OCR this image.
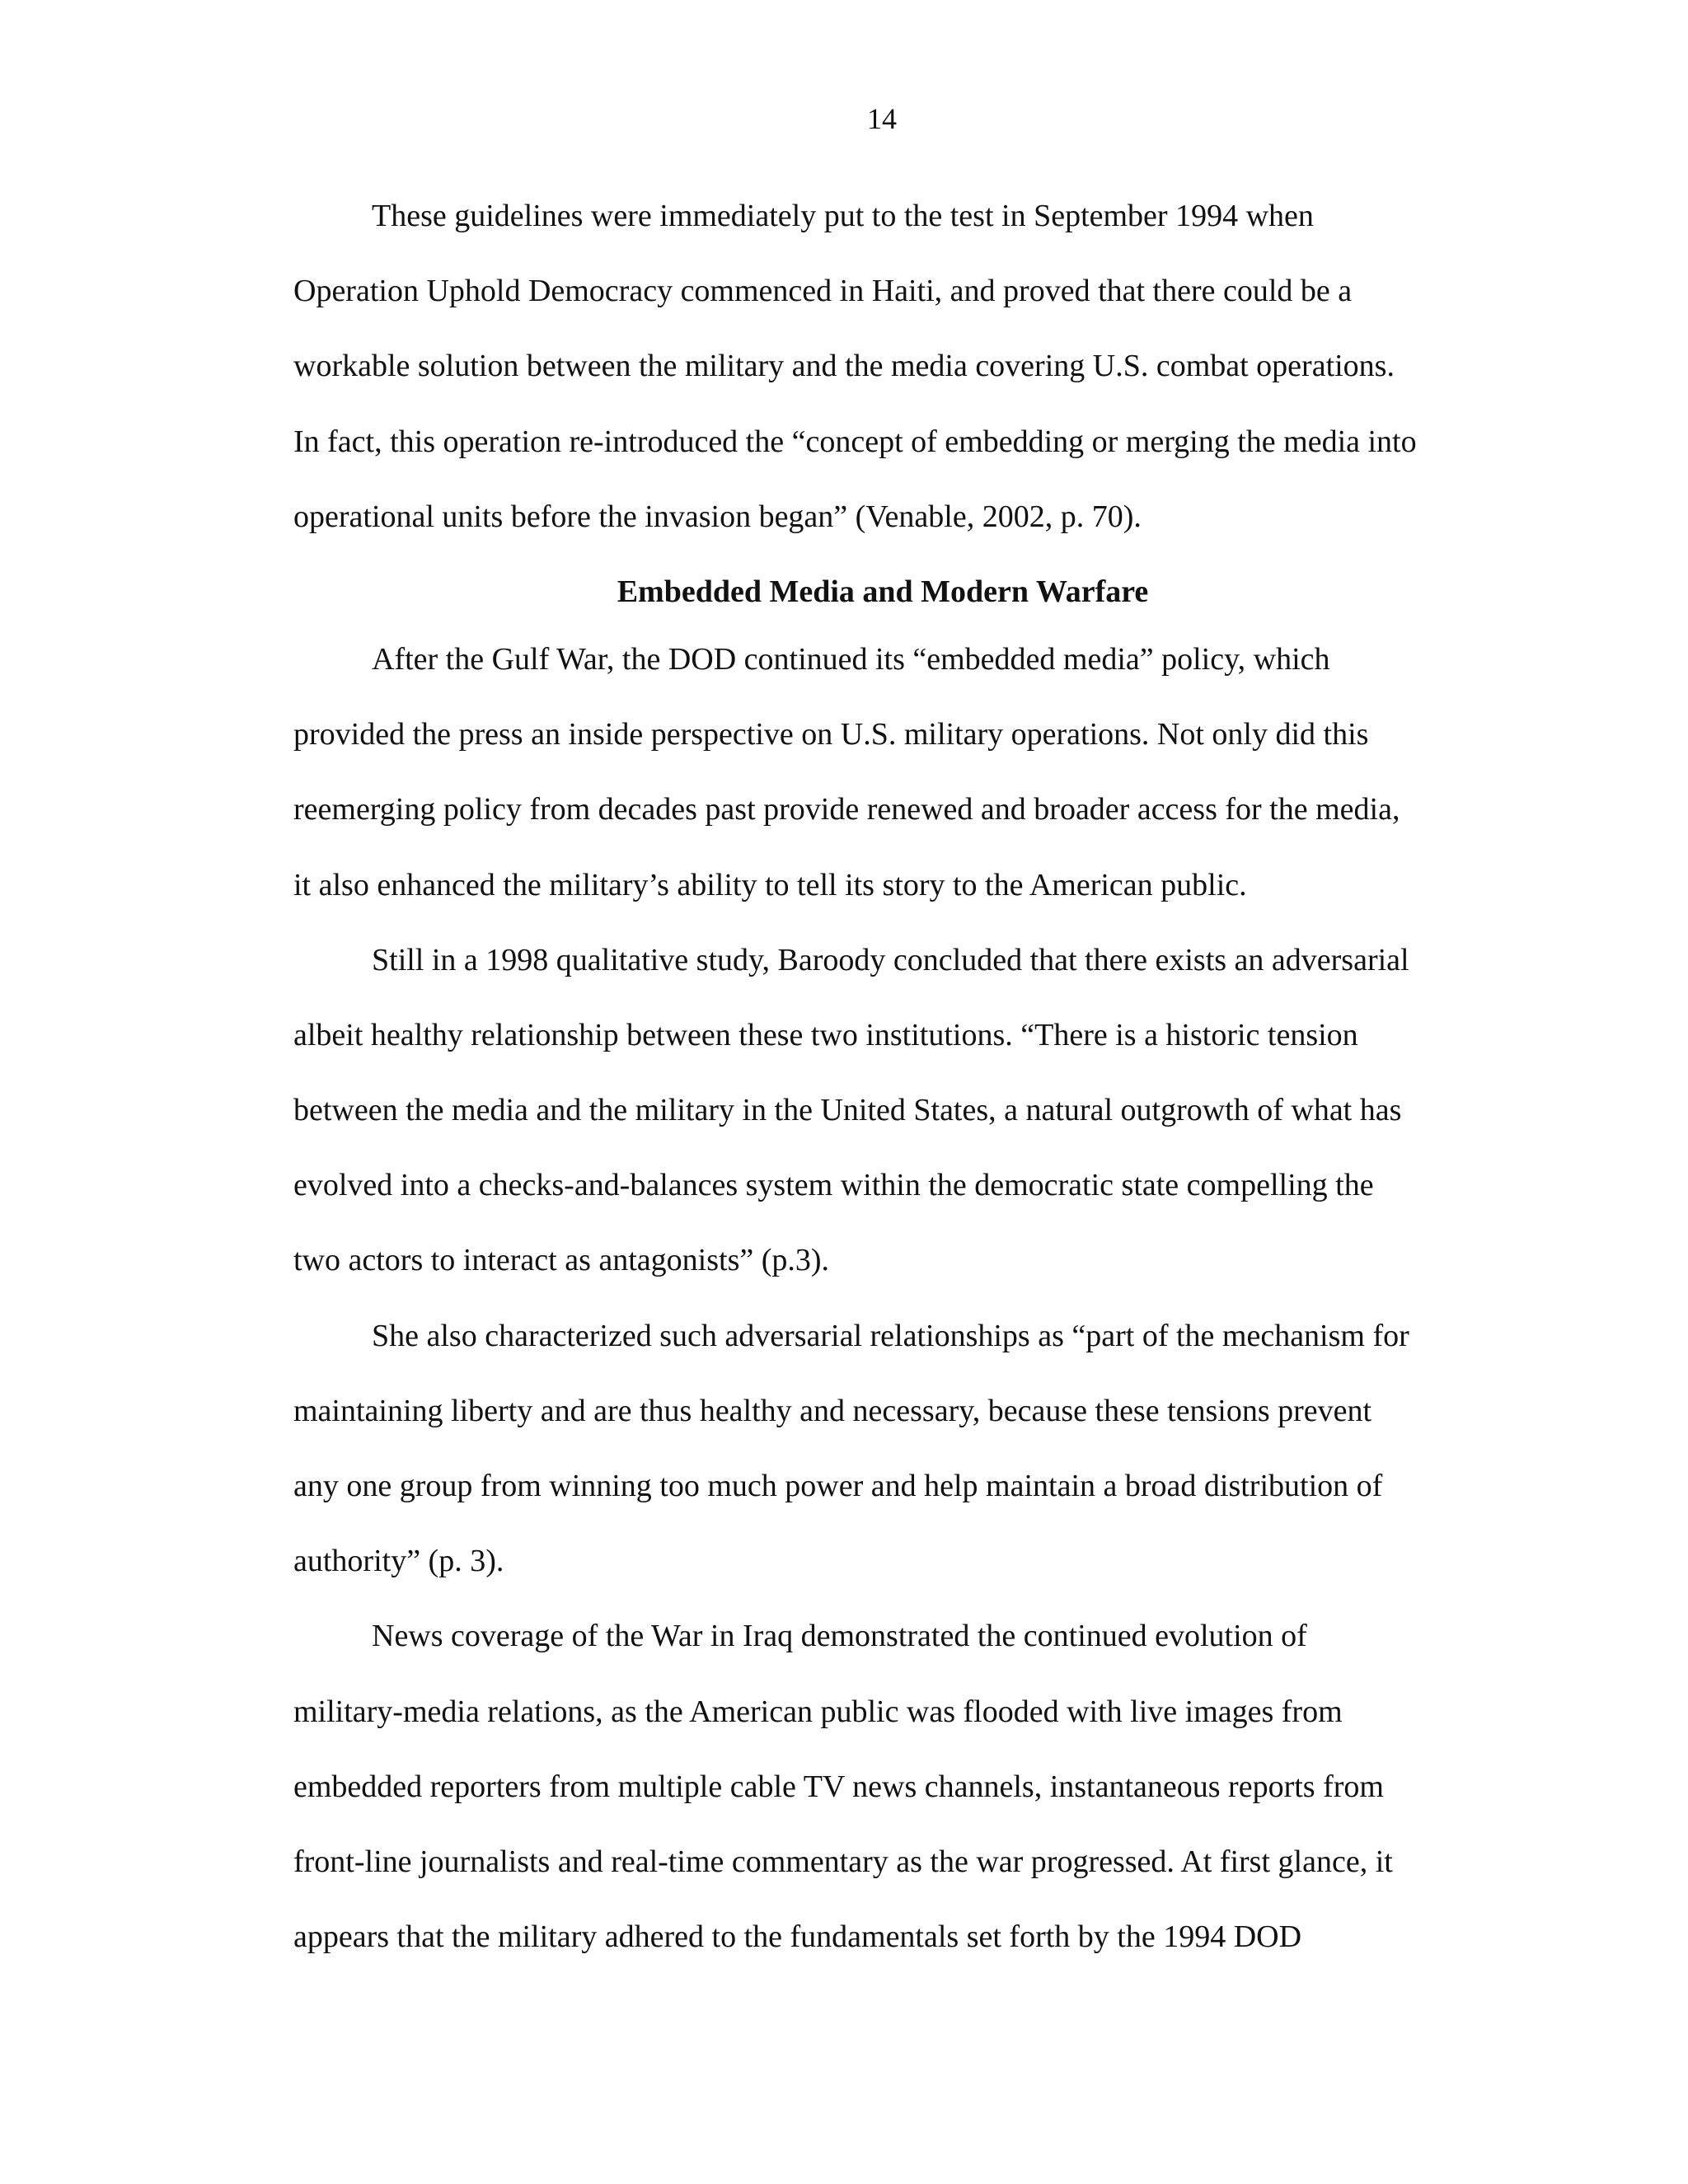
14
These guidelines were immediately put to the test in September 1994 when
Operation Uphold Democracy commenced in Haiti, and proved that there could be a
workable solution between the military and the media covering U.S. combat operations.
In fact, this operation re-introduced the “concept of embedding or merging the media into
operational units before the invasion began” (Venable, 2002, p. 70).
Embedded Media and Modern Warfare
After the Gulf War, the DOD continued its “embedded media” policy, which
provided the press an inside perspective on U.S. military operations. Not only did this
reemerging policy from decades past provide renewed and broader access for the media,
it also enhanced the military’s ability to tell its story to the American public.
Still in a 1998 qualitative study, Baroody concluded that there exists an adversarial
albeit healthy relationship between these two institutions. “There is a historic tension
between the media and the military in the United States, a natural outgrowth of what has
evolved into a checks-and-balances system within the democratic state compelling the
two actors to interact as antagonists” (p.3).
She also characterized such adversarial relationships as “part of the mechanism for
maintaining liberty and are thus healthy and necessary, because these tensions prevent
any one group from winning too much power and help maintain a broad distribution of
authority” (p. 3).
News coverage of the War in Iraq demonstrated the continued evolution of
military-media relations, as the American public was flooded with live images from
embedded reporters from multiple cable TV news channels, instantaneous reports from
front-line journalists and real-time commentary as the war progressed. At first glance, it
appears that the military adhered to the fundamentals set forth by the 1994 DOD
